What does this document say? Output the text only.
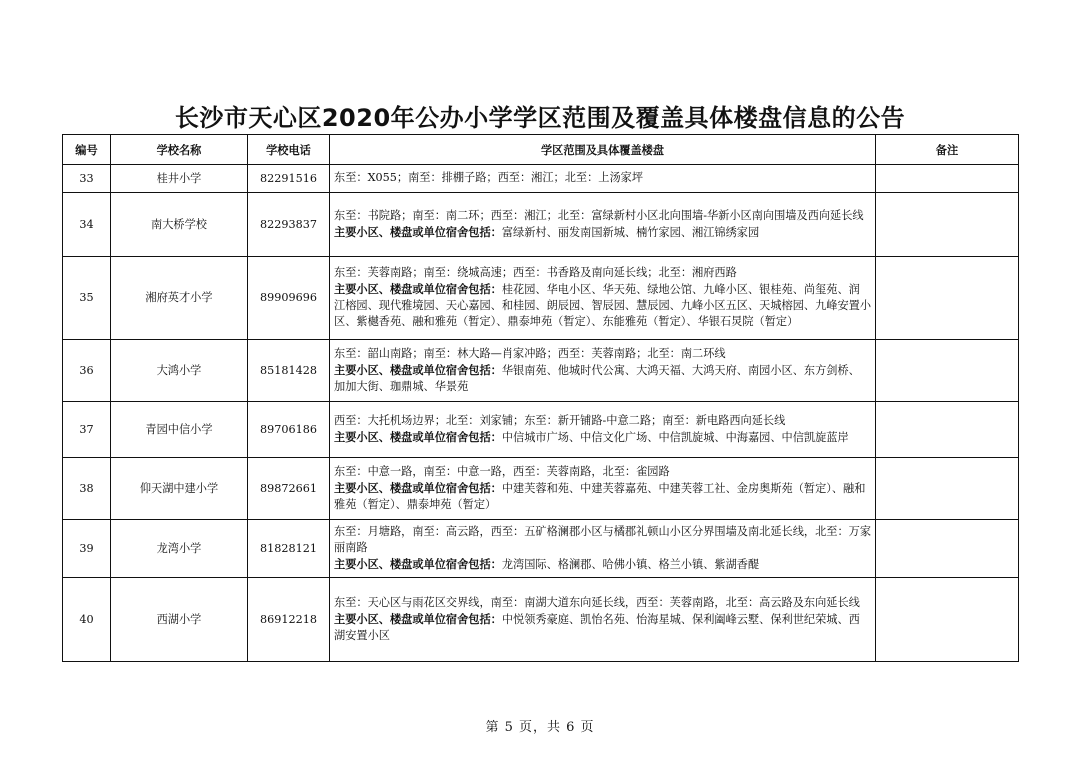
长沙市天心区2020年公办小学学区范围及覆盖具体楼盘信息的公告
编号	学校名称	学校电话	学区范围及具体覆盖楼盘	备注
33	桂井小学	82291516	东至：X055；南至：排棚子路；西至：湘江；北至：上汤家坪	

34	南大桥学校	82293837	东至：书院路；南至：南二环；西至：湘江；北至：富绿新村小区北向围墙-华新小区南向围墙及西向延长线
主要小区、楼盘或单位宿舍包括：富绿新村、丽发南国新城、楠竹家园、湘江锦绣家园	

35	湘府英才小学	89909696	东至：芙蓉南路；南至：绕城高速；西至：书香路及南向延长线；北至：湘府西路
主要小区、楼盘或单位宿舍包括：桂花园、华电小区、华天苑、绿地公馆、九峰小区、银桂苑、尚玺苑、润江榕园、现代雅境园、天心嘉园、和桂园、朗辰园、智辰园、慧辰园、九峰小区五区、天城榕园、九峰安置小区、紫樾香苑、融和雅苑（暂定）、鼎泰坤苑（暂定）、东能雅苑（暂定）、华银石炅院（暂定）	

36	大鸿小学	85181428	东至：韶山南路；南至：林大路—肖家冲路；西至：芙蓉南路；北至：南二环线
主要小区、楼盘或单位宿舍包括：华银南苑、他城时代公寓、大鸿天福、大鸿天府、南园小区、东方剑桥、加加大街、珈鼎城、华景苑	

37	青园中信小学	89706186	西至：大托机场边界；北至：刘家铺；东至：新开铺路-中意二路；南至：新电路西向延长线
主要小区、楼盘或单位宿舍包括：中信城市广场、中信文化广场、中信凯旋城、中海嘉园、中信凯旋蓝岸	

38	仰天湖中建小学	89872661	东至：中意一路，南至：中意一路，西至：芙蓉南路，北至：雀园路
主要小区、楼盘或单位宿舍包括：中建芙蓉和苑、中建芙蓉嘉苑、中建芙蓉工社、金房奥斯苑（暂定）、融和雅苑（暂定）、鼎泰坤苑（暂定）	

39	龙湾小学	81828121	东至：月塘路，南至：高云路，西至：五矿格澜郡小区与橘郡礼顿山小区分界围墙及南北延长线，北至：万家丽南路
主要小区、楼盘或单位宿舍包括：龙湾国际、格澜郡、哈佛小镇、格兰小镇、紫湖香醍	

40	西湖小学	86912218	东至：天心区与雨花区交界线，南至：南湖大道东向延长线，西至：芙蓉南路，北至：高云路及东向延长线
主要小区、楼盘或单位宿舍包括：中悦领秀豪庭、凯怡名苑、怡海星城、保利阖峰云墅、保利世纪荣城、西湖安置小区	

第 5 页，共 6 页
